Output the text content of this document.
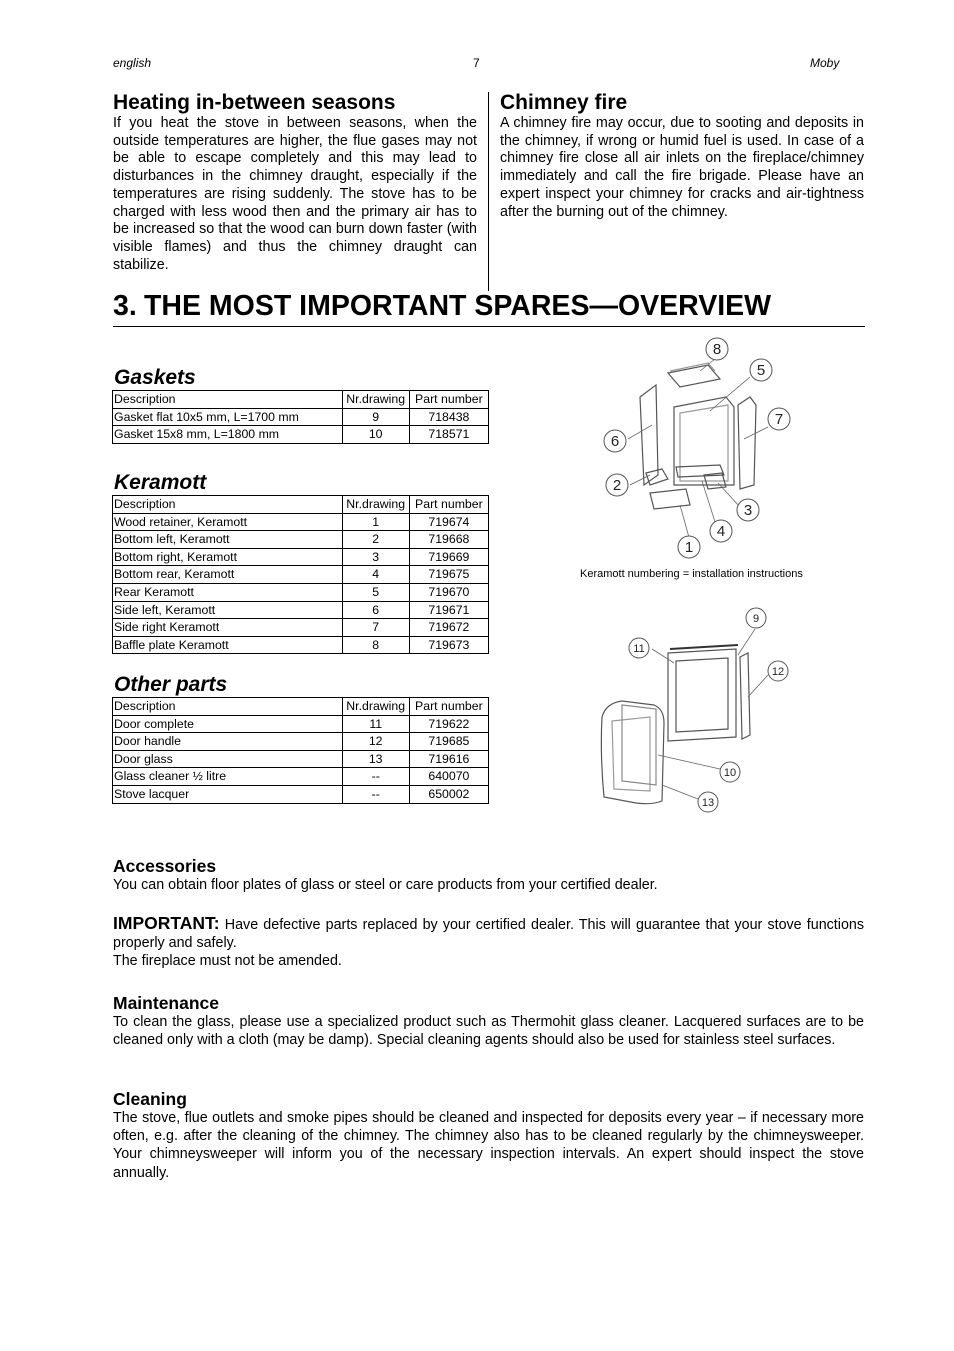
english	7	Moby
Heating in-between seasons

If you heat the stove in between seasons, when the outside temperatures are higher, the flue gases may not be able to escape completely and this may lead to disturbances in the chimney draught, especially if the temperatures are rising suddenly. The stove has to be charged with less wood then and the primary air has to be increased so that the wood can burn down faster (with visible flames) and thus the chimney draught can stabilize.

Chimney fire

A chimney fire may occur, due to sooting and deposits in the chimney, if wrong or humid fuel is used. In case of a chimney fire close all air inlets on the fireplace/chimney immediately and call the fire brigade. Please have an expert inspect your chimney for cracks and air-tightness after the burning out of the chimney.

3. THE MOST IMPORTANT SPARES—OVERVIEW
Gaskets
Description	Nr.drawing	Part number
Gasket flat 10x5 mm, L=1700 mm	9	718438
Gasket 15x8 mm, L=1800 mm	10	718571
Keramott
Description	Nr.drawing	Part number
Wood retainer, Keramott	1	719674
Bottom left, Keramott	2	719668
Bottom right, Keramott	3	719669
Bottom rear, Keramott	4	719675
Rear Keramott	5	719670
Side left, Keramott	6	719671
Side right Keramott	7	719672
Baffle plate Keramott	8	719673
Other parts
Description	Nr.drawing	Part number
Door complete	11	719622
Door handle	12	719685
Door glass	13	719616
Glass cleaner ½ litre	--	640070
Stove lacquer	--	650002
8
5
7
6
2
3
4
1
Keramott numbering = installation instructions
9
11
12
10
13
Accessories

You can obtain floor plates of glass or steel or care products from your certified dealer.

IMPORTANT: Have defective parts replaced by your certified dealer. This will guarantee that your stove functions properly and safely.

The fireplace must not be amended.

Maintenance

To clean the glass, please use a specialized product such as Thermohit glass cleaner. Lacquered surfaces are to be cleaned only with a cloth (may be damp). Special cleaning agents should also be used for stainless steel surfaces.

Cleaning

The stove, flue outlets and smoke pipes should be cleaned and inspected for deposits every year – if necessary more often, e.g. after the cleaning of the chimney. The chimney also has to be cleaned regularly by the chimneysweeper. Your chimneysweeper will inform you of the necessary inspection intervals. An expert should inspect the stove annually.
